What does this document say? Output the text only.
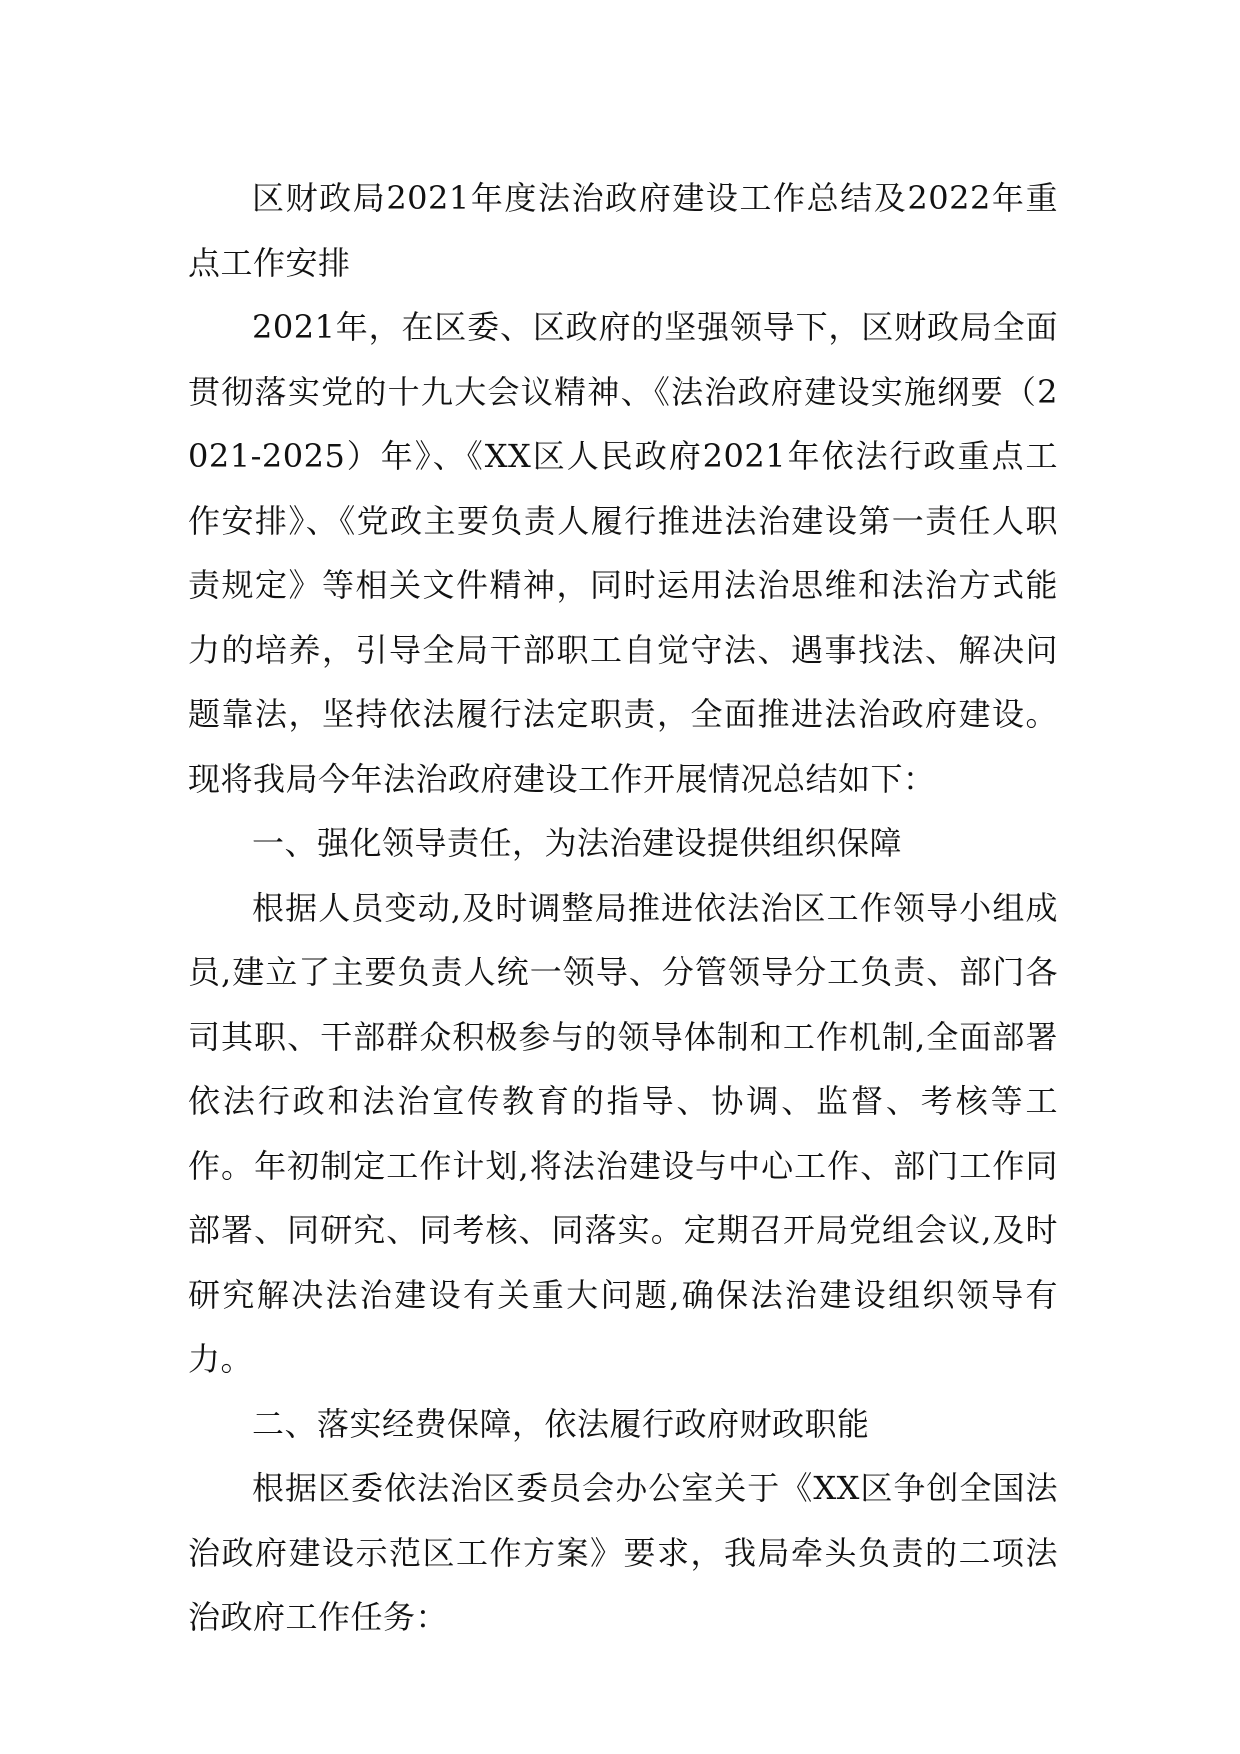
区财政局2021年度法治政府建设工作总结及2022年重点工作安排

2021年，在区委、区政府的坚强领导下，区财政局全面贯彻落实党的十九大会议精神、《法治政府建设实施纲要（2021-2025）年》、《XX区人民政府2021年依法行政重点工作安排》、《党政主要负责人履行推进法治建设第一责任人职责规定》等相关文件精神，同时运用法治思维和法治方式能力的培养，引导全局干部职工自觉守法、遇事找法、解决问题靠法，坚持依法履行法定职责，全面推进法治政府建设。现将我局今年法治政府建设工作开展情况总结如下：

一、强化领导责任，为法治建设提供组织保障

根据人员变动,及时调整局推进依法治区工作领导小组成员,建立了主要负责人统一领导、分管领导分工负责、部门各司其职、干部群众积极参与的领导体制和工作机制,全面部署依法行政和法治宣传教育的指导、协调、监督、考核等工作。年初制定工作计划,将法治建设与中心工作、部门工作同部署、同研究、同考核、同落实。定期召开局党组会议,及时研究解决法治建设有关重大问题,确保法治建设组织领导有力。

二、落实经费保障，依法履行政府财政职能

根据区委依法治区委员会办公室关于《XX区争创全国法治政府建设示范区工作方案》要求，我局牵头负责的二项法治政府工作任务：
